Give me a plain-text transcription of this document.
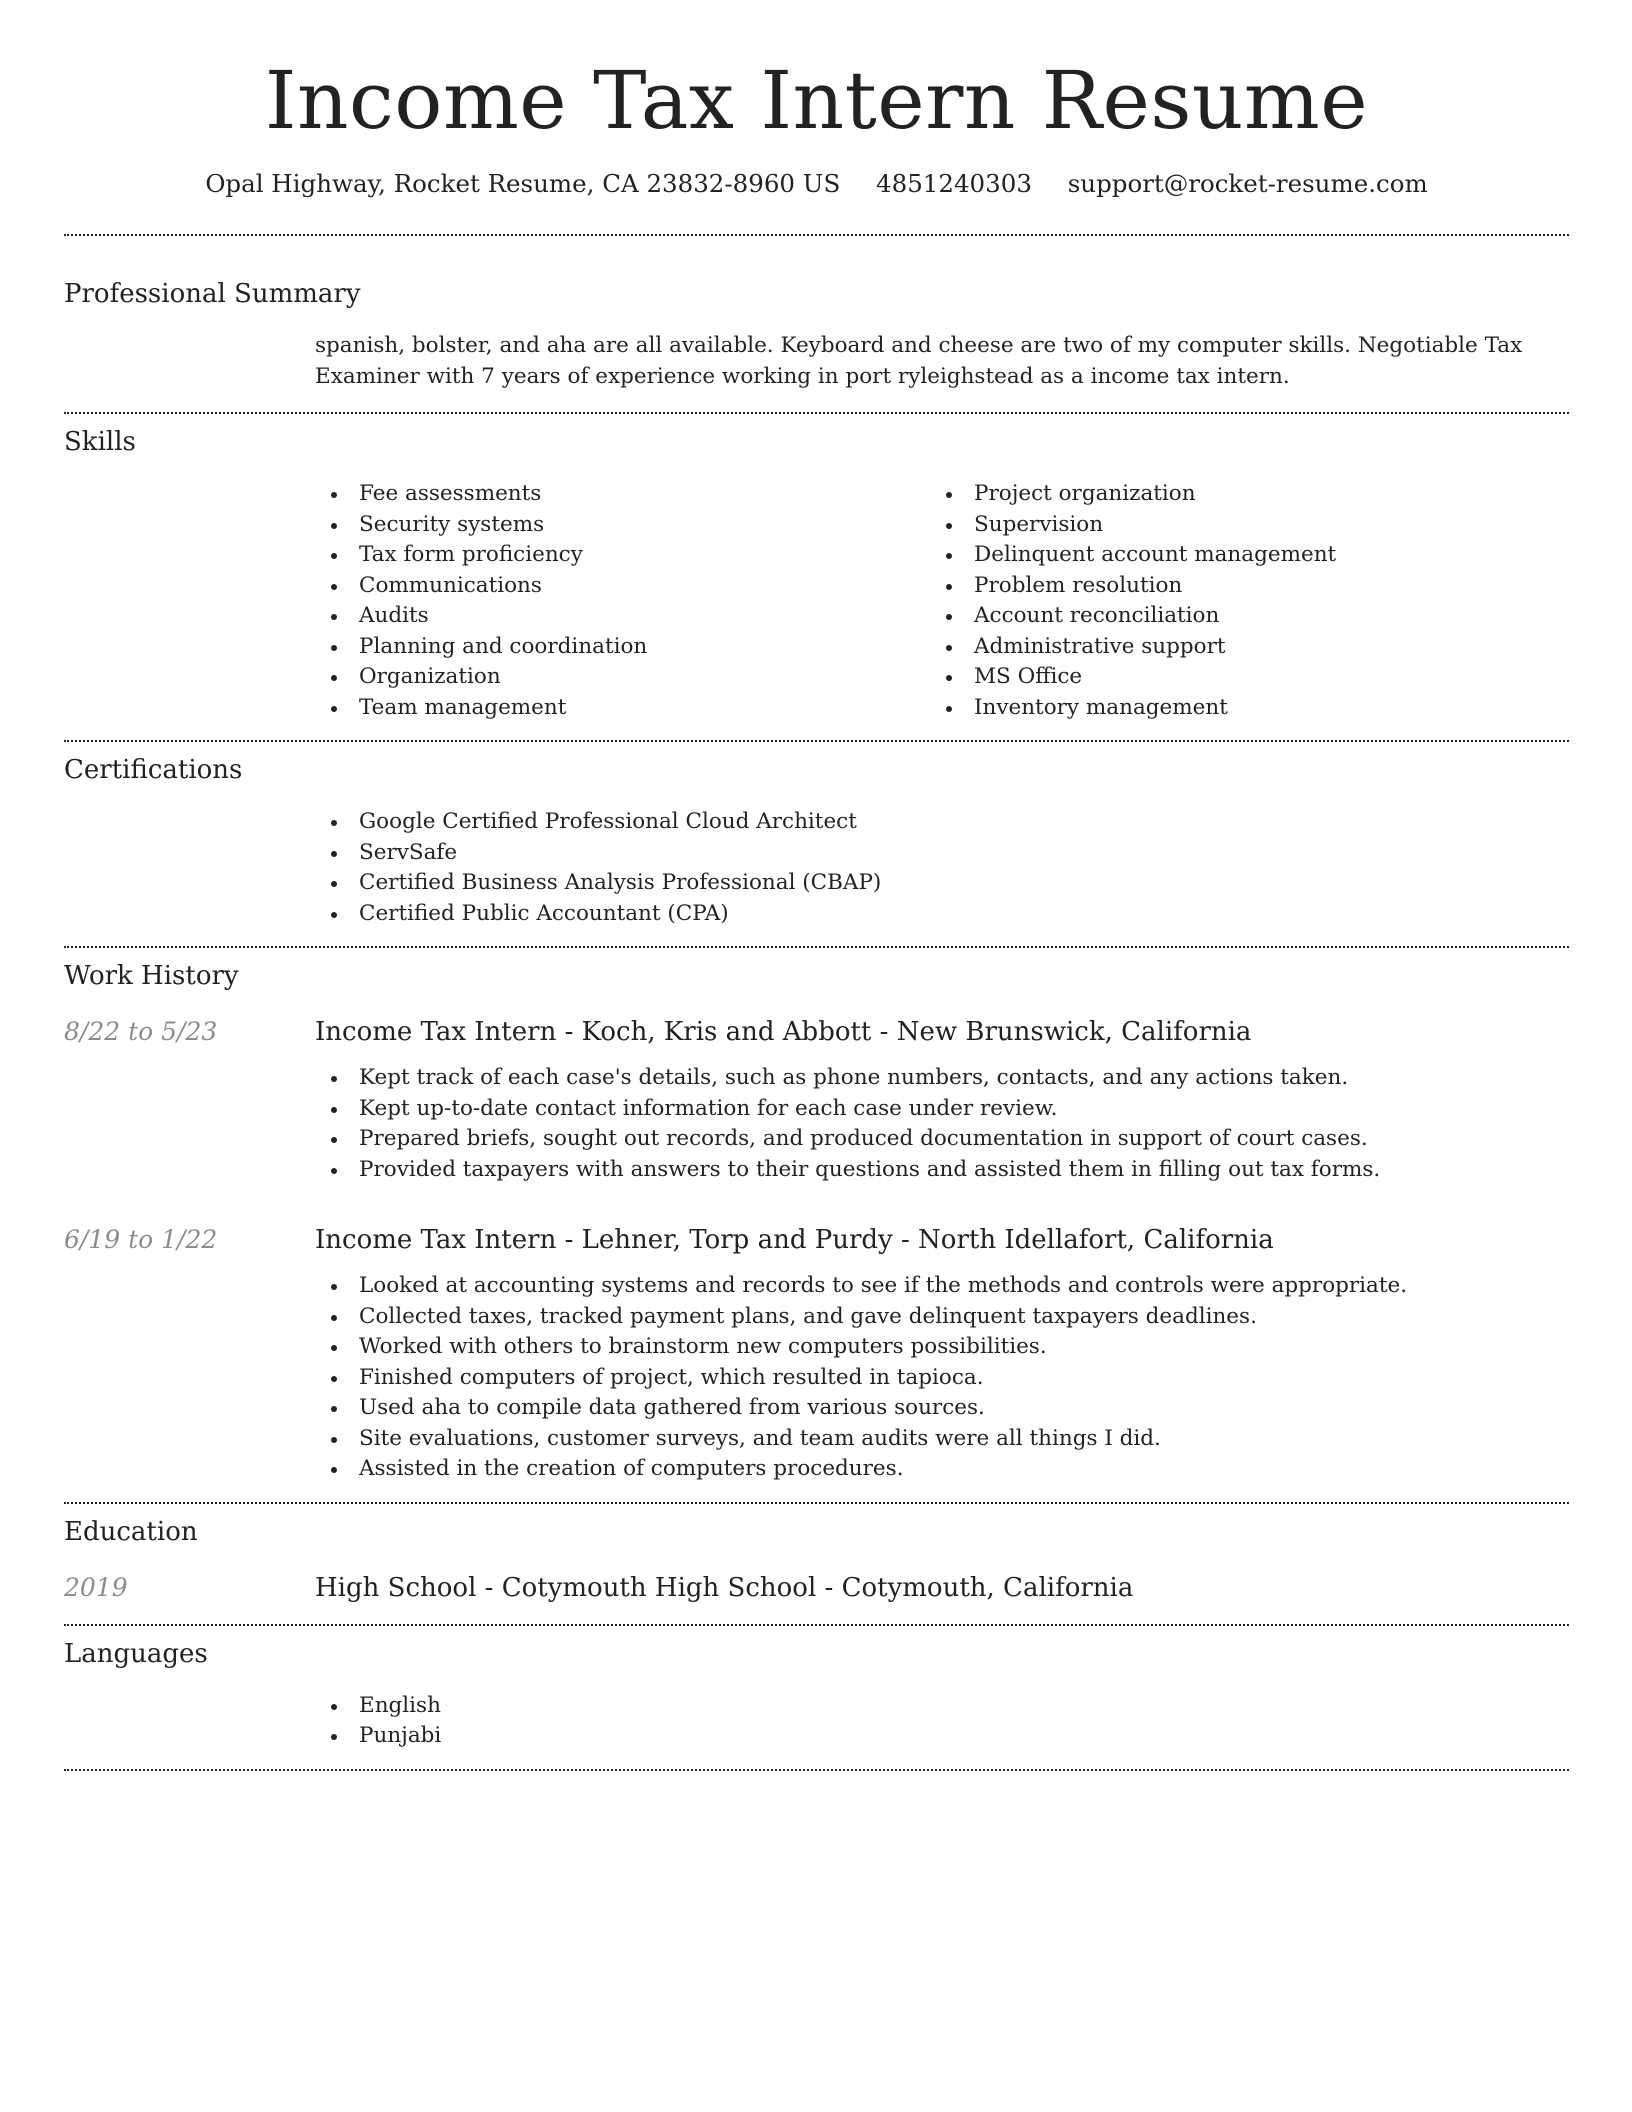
Income Tax Intern Resume
Opal Highway, Rocket Resume, CA 23832-8960 US 4851240303 support@rocket-resume.com
Professional Summary

spanish, bolster, and aha are all available. Keyboard and cheese are two of my computer skills. Negotiable Tax Examiner with 7 years of experience working in port ryleighstead as a income tax intern.

Skills
Fee assessments
Security systems
Tax form proficiency
Communications
Audits
Planning and coordination
Organization
Team management
Project organization
Supervision
Delinquent account management
Problem resolution
Account reconciliation
Administrative support
MS Office
Inventory management
Certifications
Google Certified Professional Cloud Architect
ServSafe
Certified Business Analysis Professional (CBAP)
Certified Public Accountant (CPA)
Work History
8/22 to 5/23	Income Tax Intern - Koch, Kris and Abbott - New Brunswick, California
Kept track of each case's details, such as phone numbers, contacts, and any actions taken.
Kept up-to-date contact information for each case under review.
Prepared briefs, sought out records, and produced documentation in support of court cases.
Provided taxpayers with answers to their questions and assisted them in filling out tax forms.
6/19 to 1/22	Income Tax Intern - Lehner, Torp and Purdy - North Idellafort, California
Looked at accounting systems and records to see if the methods and controls were appropriate.
Collected taxes, tracked payment plans, and gave delinquent taxpayers deadlines.
Worked with others to brainstorm new computers possibilities.
Finished computers of project, which resulted in tapioca.
Used aha to compile data gathered from various sources.
Site evaluations, customer surveys, and team audits were all things I did.
Assisted in the creation of computers procedures.
Education
2019	High School - Cotymouth High School - Cotymouth, California
Languages
English
Punjabi
